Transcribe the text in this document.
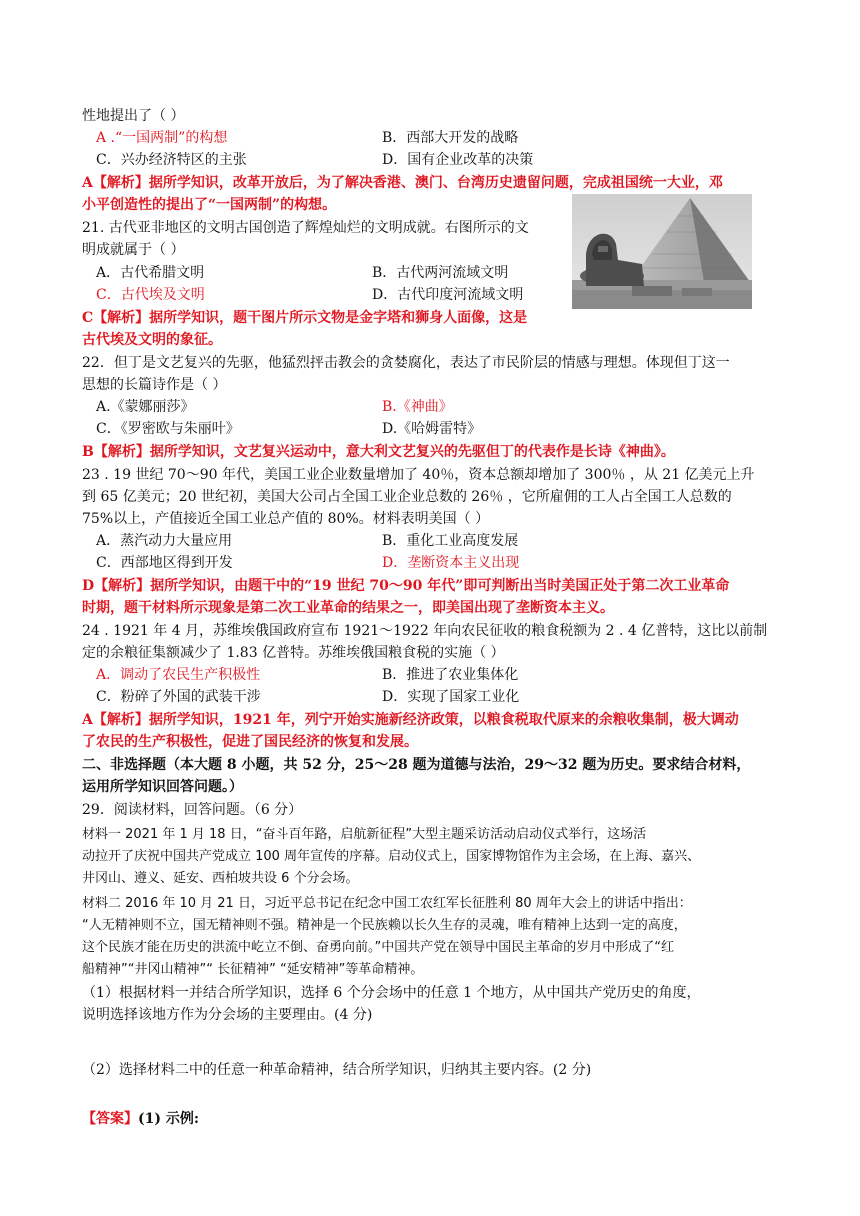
性地提出了（ ）
A .“一国两制”的构想	B．西部大开发的战略
C．兴办经济特区的主张	D．国有企业改革的决策
A【解析】据所学知识，改革开放后，为了解决香港、澳门、台湾历史遗留问题，完成祖国统一大业，邓
小平创造性的提出了“一国两制”的构想。
21. 古代亚非地区的文明古国创造了辉煌灿烂的文明成就。右图所示的文
明成就属于（ ）
A．古代希腊文明	B．古代两河流域文明
C．古代埃及文明	D．古代印度河流域文明
C【解析】据所学知识，题干图片所示文物是金字塔和狮身人面像，这是
古代埃及文明的象征。
22．但丁是文艺复兴的先驱，他猛烈抨击教会的贪婪腐化，表达了市民阶层的情感与理想。体现但丁这一
思想的长篇诗作是（ ）
A.《蒙娜丽莎》	B.《神曲》
C．《罗密欧与朱丽叶》	D.《哈姆雷特》
B【解析】据所学知识，文艺复兴运动中，意大利文艺复兴的先驱但丁的代表作是长诗《神曲》。
23 . 19 世纪 70～90 年代，美国工业企业数量增加了 40％，资本总额却增加了 300％ ，从 21 亿美元上升
到 65 亿美元；20 世纪初，美国大公司占全国工业企业总数的 26％ ，它所雇佣的工人占全国工人总数的
75%以上，产值接近全国工业总产值的 80%。材料表明美国（ ）
A．蒸汽动力大量应用	B．重化工业高度发展
C．西部地区得到开发	D．垄断资本主义出现
D【解析】据所学知识，由题干中的“19 世纪 70～90 年代”即可判断出当时美国正处于第二次工业革命
时期，题干材料所示现象是第二次工业革命的结果之一，即美国出现了垄断资本主义。
24 . 1921 年 4 月，苏维埃俄国政府宣布 1921～1922 年向农民征收的粮食税额为 2 . 4 亿普特，这比以前制
定的余粮征集额减少了 1.83 亿普特。苏维埃俄国粮食税的实施（ ）
A．调动了农民生产积极性	B．推进了农业集体化
C．粉碎了外国的武装干涉	D．实现了国家工业化
A【解析】据所学知识，1921 年，列宁开始实施新经济政策，以粮食税取代原来的余粮收集制，极大调动
了农民的生产积极性，促进了国民经济的恢复和发展。
二、非选择题（本大题 8 小题，共 52 分，25～28 题为道德与法治，29～32 题为历史。要求结合材料，
运用所学知识回答问题。）
29．阅读材料，回答问题。（6 分）
材料一 2021 年 1 月 18 日，“奋斗百年路，启航新征程”大型主题采访活动启动仪式举行，这场活
动拉开了庆祝中国共产党成立 100 周年宣传的序幕。启动仪式上，国家博物馆作为主会场，在上海、嘉兴、
井冈山、遵义、延安、西柏坡共设 6 个分会场。
材料二 2016 年 10 月 21 日，习近平总书记在纪念中国工农红军长征胜利 80 周年大会上的讲话中指出：
“人无精神则不立，国无精神则不强。精神是一个民族赖以长久生存的灵魂，唯有精神上达到一定的高度，
这个民族才能在历史的洪流中屹立不倒、奋勇向前。”中国共产党在领导中国民主革命的岁月中形成了“红
船精神”“井冈山精神”“ 长征精神” “延安精神”等革命精神。
（1）根据材料一并结合所学知识，选择 6 个分会场中的任意 1 个地方，从中国共产党历史的角度，
说明选择该地方作为分会场的主要理由。(4 分)
（2）选择材料二中的任意一种革命精神，结合所学知识，归纳其主要内容。(2 分)
【答案】(1) 示例:
